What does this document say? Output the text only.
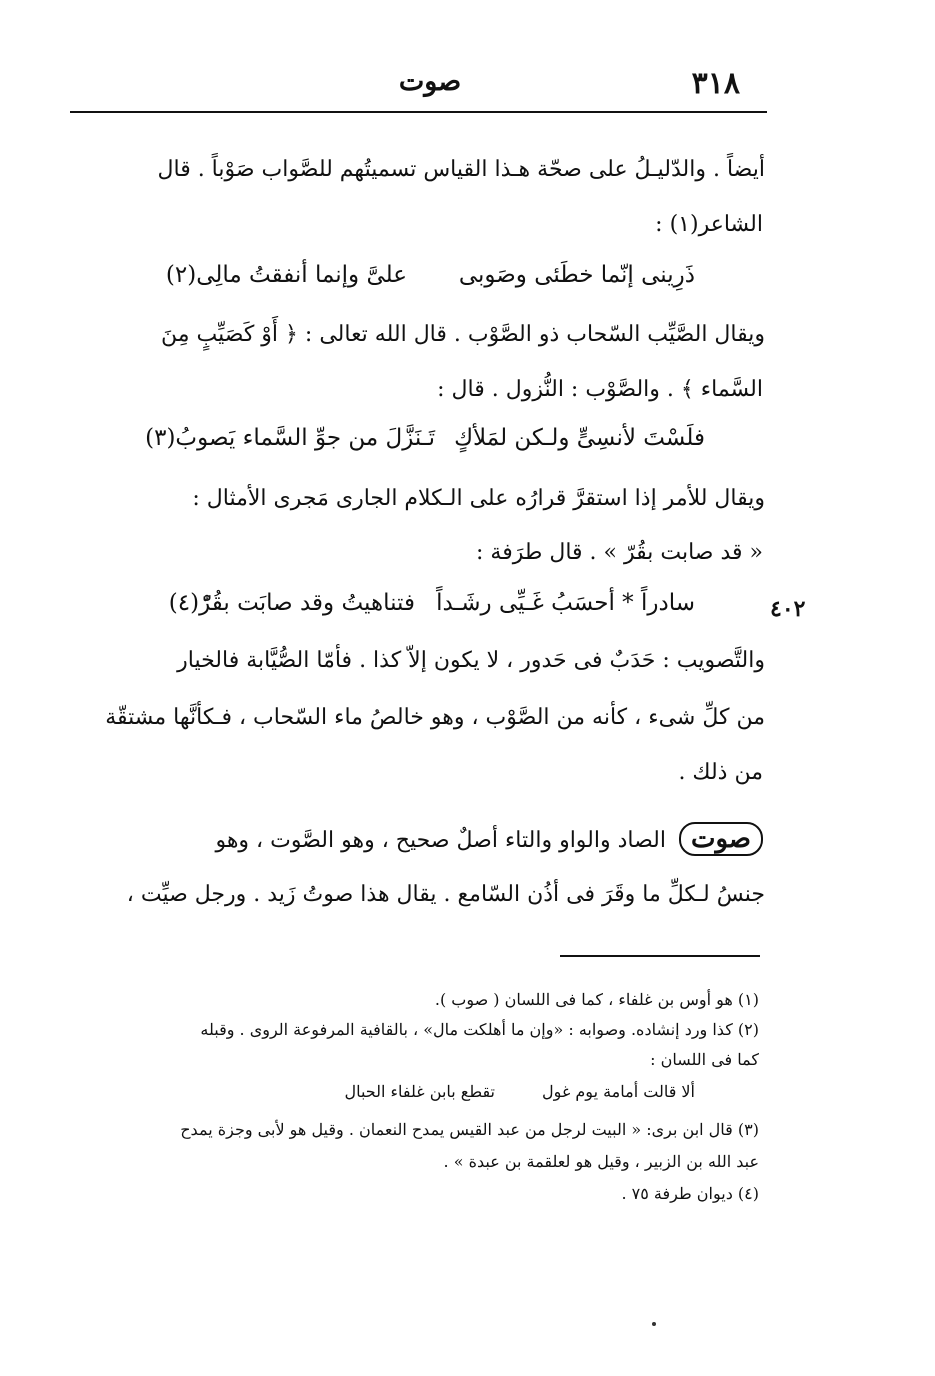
٣١٨
صوت
أيضاً . والدّليـلُ على صحّة هـذا القياس تسميتُهم للصَّواب صَوْباً . قال
الشاعر(١) :
ذَرِينى إنّما خطَئى وصَوبى
علىَّ وإنما أنفقتُ مالِى(٢)
ويقال الصَّيِّب السّحاب ذو الصَّوْب . قال الله تعالى : ﴿ أَوْ كَصَيِّبٍ مِنَ
السَّماء ﴾ . والصَّوْب : النُّزول . قال :
فلَسْتَ لأنسِىٍّ ولـكن لمَلأكٍ
تَـنَزَّلَ من جوِّ السَّماء يَصوبُ(٣)
ويقال للأمر إذا استقرَّ قرارُه على الـكلام الجارى مَجرى الأمثال :
« قد صابت بقُرّ » . قال طرَفة :
سادراً * أحسَبُ غَـيِّى رشَـداً
فتناهيتُ وقد صابَت بقُرّْ(٤)	٤٠٢
والتَّصويب : حَدَبٌ فى حَدور ، لا يكون إلاّ كذا . فأمّا الصُّيَّابة فالخيار
من كلِّ شىء ، كأنه من الصَّوْب ، وهو خالصُ ماء السّحاب ، فـكأنَّها مشتقّة
من ذلك .
صوت الصاد والواو والتاء أصلٌ صحيح ، وهو الصَّوت ، وهو
جنسُ لـكلِّ ما وقَرَ فى أذُن السّامع . يقال هذا صوتُ زَيد . ورجل صيِّت ،
(١) هو أوس بن غلفاء ، كما فى اللسان ( صوب ).
(٢) كذا ورد إنشاده. وصوابه : «وإن ما أهلكت مال» ، بالقافية المرفوعة الروى . وقبله
كما فى اللسان :
ألا قالت أمامة يوم غول
تقطع بابن غلفاء الحبال
(٣) قال ابن برى: « البيت لرجل من عبد القيس يمدح النعمان . وقيل هو لأبى وجزة يمدح
عبد الله بن الزبير ، وقيل هو لعلقمة بن عبدة » .
(٤) ديوان طرفة ٧٥ .
